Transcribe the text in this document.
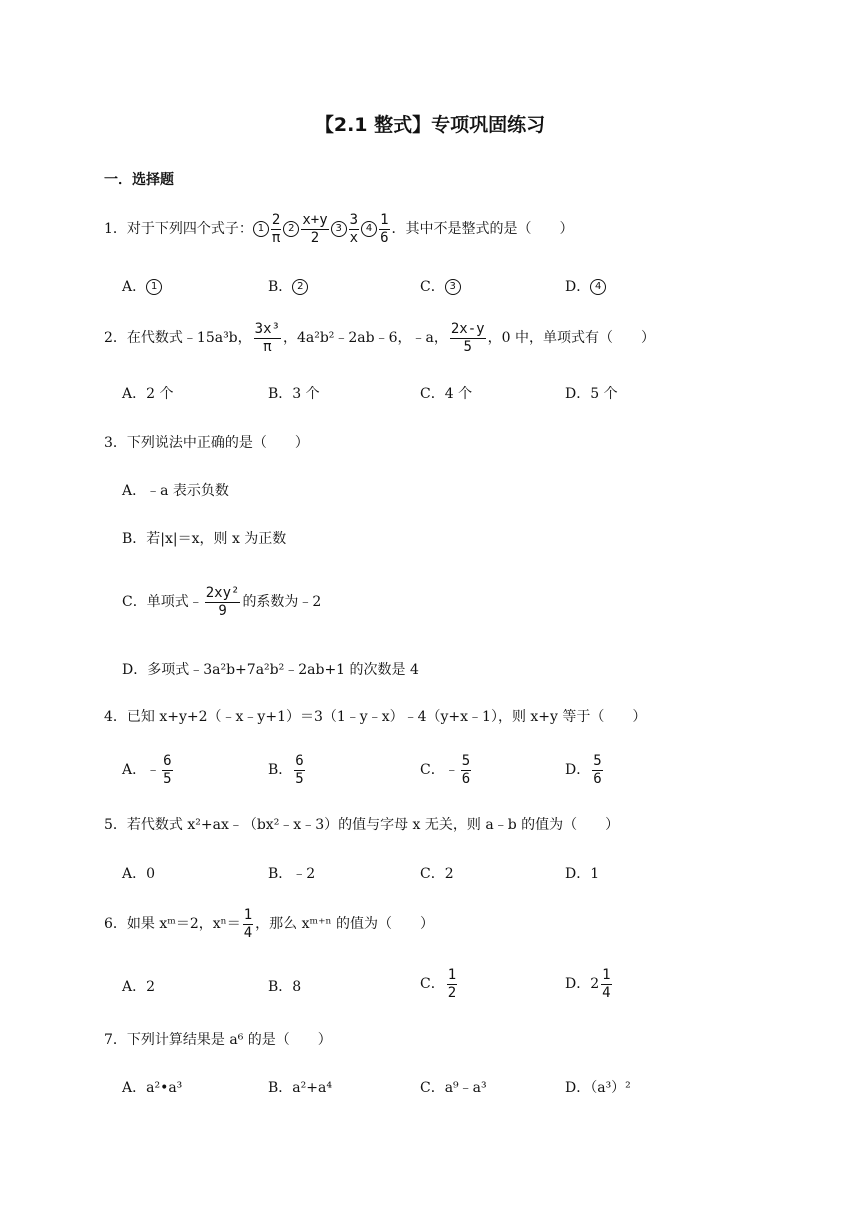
【2.1 整式】专项巩固练习
一．选择题
1．对于下列四个式子： $1 \frac{2}{\pi} 2 \frac{x+y}{2} 3 \frac{3}{x} 4 \frac{1}{6}$ ．其中不是整式的是（　　）
A． 1	B． 2	C． 3	D． 4
2．在代数式﹣15a³b， $\frac{\text{3x³}}{\pi}$ ，4a²b²﹣2ab﹣6，﹣a， $\frac{2x-y}{5}$ ，0 中，单项式有（　　）
A．2 个	B．3 个	C．4 个	D．5 个
3．下列说法中正确的是（　　）
A．﹣a 表示负数
B．若|x|＝x，则 x 为正数
C．单项式﹣ $\frac{\text{2xy²}}{9}$ 的系数为﹣2
D．多项式﹣3a²b+7a²b²﹣2ab+1 的次数是 4
4．已知 x+y+2（﹣x﹣y+1）＝3（1﹣y﹣x）﹣4（y+x﹣1），则 x+y 等于（　　）
A．﹣ $\frac{6}{5}$	B． $\frac{6}{5}$	C．﹣ $\frac{5}{6}$	D． $\frac{5}{6}$
5．若代数式 x²+ax﹣（bx²﹣x﹣3）的值与字母 x 无关，则 a﹣b 的值为（　　）
A．0	B．﹣2	C．2	D．1
6．如果 xᵐ＝2，$x^n= \frac{1}{4}$ ，那么 xᵐ⁺ⁿ 的值为（　　）
A．2	B．8	C． $\frac{1}{2}$	D．$2 \frac{1}{4}$
7．下列计算结果是 a⁶ 的是（　　）
A．a²•a³	B．a²+a⁴	C．a⁹﹣a³	D．（a³）²
